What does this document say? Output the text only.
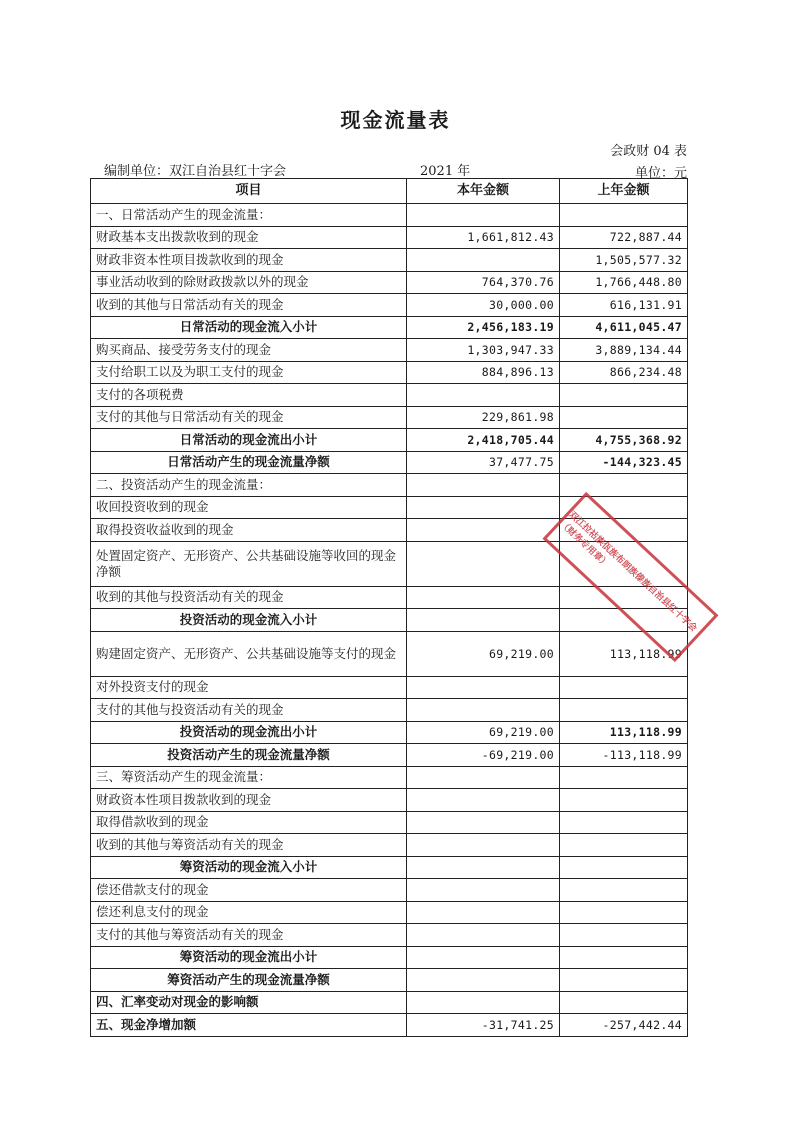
现金流量表
会政财 04 表
编制单位：双江自治县红十字会	2021 年	单位：元
项目	本年金额	上年金额
一、日常活动产生的现金流量：		
财政基本支出拨款收到的现金	1,661,812.43	722,887.44
财政非资本性项目拨款收到的现金		1,505,577.32
事业活动收到的除财政拨款以外的现金	764,370.76	1,766,448.80
收到的其他与日常活动有关的现金	30,000.00	616,131.91
日常活动的现金流入小计	2,456,183.19	4,611,045.47
购买商品、接受劳务支付的现金	1,303,947.33	3,889,134.44
支付给职工以及为职工支付的现金	884,896.13	866,234.48
支付的各项税费		
支付的其他与日常活动有关的现金	229,861.98	
日常活动的现金流出小计	2,418,705.44	4,755,368.92
日常活动产生的现金流量净额	37,477.75	-144,323.45
二、投资活动产生的现金流量：		
收回投资收到的现金		
取得投资收益收到的现金		
处置固定资产、无形资产、公共基础设施等收回的现金净额		
收到的其他与投资活动有关的现金		
投资活动的现金流入小计		
购建固定资产、无形资产、公共基础设施等支付的现金	69,219.00	113,118.99
对外投资支付的现金		
支付的其他与投资活动有关的现金		
投资活动的现金流出小计	69,219.00	113,118.99
投资活动产生的现金流量净额	-69,219.00	-113,118.99
三、筹资活动产生的现金流量：		
财政资本性项目拨款收到的现金		
取得借款收到的现金		
收到的其他与筹资活动有关的现金		
筹资活动的现金流入小计		
偿还借款支付的现金		
偿还利息支付的现金		
支付的其他与筹资活动有关的现金		
筹资活动的现金流出小计		
筹资活动产生的现金流量净额		
四、汇率变动对现金的影响额		
五、现金净增加额	-31,741.25	-257,442.44
双江拉祜族佤族布朗族傣族自治县红十字会（财务专用章）
